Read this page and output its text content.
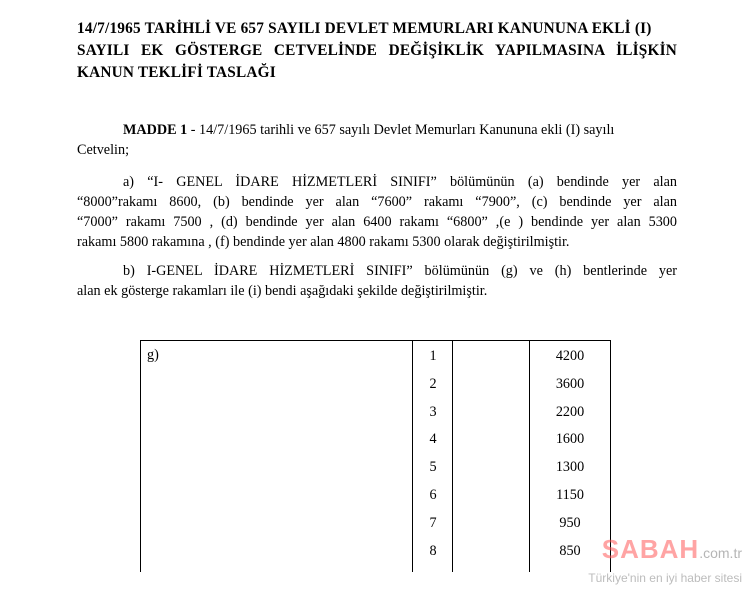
14/7/1965 TARİHLİ VE 657 SAYILI DEVLET MEMURLARI KANUNUNA EKLİ (I)
SAYILI EK GÖSTERGE CETVELİNDE DEĞİŞİKLİK YAPILMASINA İLİŞKİN
KANUN TEKLİFİ TASLAĞI
MADDE 1 - 14/7/1965 tarihli ve 657 sayılı Devlet Memurları Kanununa ekli (I) sayılı
Cetvelin;
a) “I- GENEL İDARE HİZMETLERİ SINIFI” bölümünün (a) bendinde yer alan
“8000”rakamı 8600, (b) bendinde yer alan “7600” rakamı “7900”, (c) bendinde yer alan
“7000” rakamı 7500 , (d) bendinde yer alan 6400 rakamı “6800” ,(e ) bendinde yer alan 5300
rakamı 5800 rakamına , (f) bendinde yer alan 4800 rakamı 5300 olarak değiştirilmiştir.
b) I-GENEL İDARE HİZMETLERİ SINIFI” bölümünün (g) ve (h) bentlerinde yer
alan ek gösterge rakamları ile (i) bendi aşağıdaki şekilde değiştirilmiştir.
g)	1	4200
2	3600
3	2200
4	1600
5	1300
6	1150
7	950
8	850 SABAH.com.tr
Türkiye'nin en iyi haber sitesi
